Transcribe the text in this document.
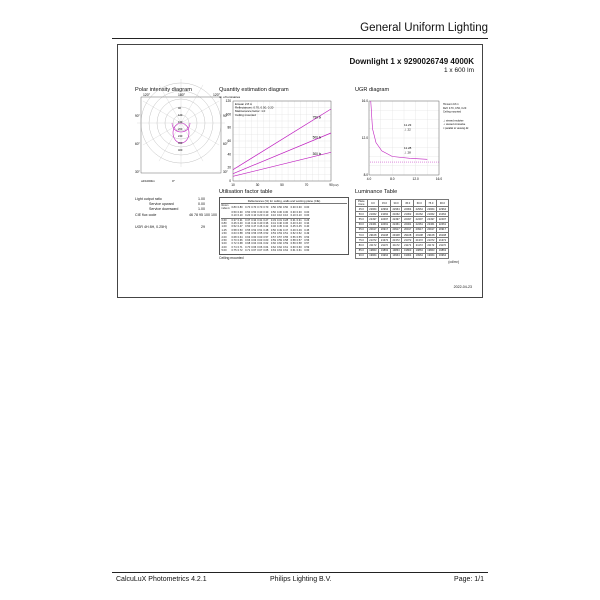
General Uniform Lighting
Downlight 1 x 9290026749 4000K
1 x 600 lm
Polar intensity diagram
120°	180°	120°
90°	90°
60°	60°
30°	30°
40
120
160
200
240
320
400
cd/1000lm	0°
Quantity estimation diagram
nr. of luminaires
120
100
80
60
40
20
0
10	30	50	70	90 (m²)
750 lx
500 lx
300 lx
Emean 2.8 m
Reflectances: 0.70, 0.50, 0.20
Maintenance factor: 1.0
Ceiling mounted
UGR diagram
16.0
12.0
8.0
4.0	8.0	12.0	16.0
11.23
⊥ 22
11.28
⊥ 28
Hmount 2.8 m
Refl: 0.70, 0.50, 0.20
Ceiling mounted
⊥ viewed endwise
⊥ viewed crosswise
× parallel to viewing dir.
Light output ratio	1.00
Service upward	0.00
Service downward	1.00
CIE flux code	46 78 95 100 100
UGR 4H 8H, 0.25H)	29
Utilisation factor table
Reflectances (%) for ceiling, walls and working plane (CIE)
Room index k	0.80	0.80	0.70	0.70	0.70	0.70	0.50	0.50	0.50	0.30	0.30	0.00
	0.50	0.30	0.50	0.50	0.30	0.30	0.50	0.30	0.30	0.30	0.30	0.00
	0.10	0.10	0.20	0.10	0.20	0.10	0.10	0.10	0.10	0.10	0.10	0.00
0.60	0.37	0.31	0.37	0.34	0.31	0.27	0.33	0.31	0.28	0.31	0.31	0.26
0.80	0.46	0.40	0.44	0.42	0.40	0.36	0.41	0.40	0.36	0.40	0.40	0.34
1.00	0.52	0.47	0.50	0.47	0.46	0.42	0.46	0.45	0.42	0.45	0.45	0.40
1.25	0.58	0.53	0.55	0.52	0.51	0.48	0.50	0.49	0.47	0.49	0.49	0.45
1.50	0.63	0.58	0.59	0.56	0.55	0.52	0.53	0.53	0.51	0.52	0.52	0.49
2.00	0.68	0.64	0.63	0.60	0.60	0.57	0.57	0.57	0.55	0.56	0.55	0.53
2.50	0.70	0.66	0.66	0.63	0.63	0.60	0.59	0.59	0.58	0.58	0.57	0.56
3.00	0.72	0.68	0.68	0.64	0.64	0.62	0.60	0.60	0.59	0.59	0.58	0.57
4.00	0.74	0.71	0.70	0.66	0.66	0.64	0.62	0.62	0.61	0.60	0.60	0.59
5.00	0.75	0.72	0.71	0.67	0.67	0.65	0.63	0.63	0.62	0.61	0.61	0.60
Ceiling mounted
Luminance Table
Plane Cone	0.0	15.0	30.0	45.0	60.0	75.0	90.0
45.0	22964	22964	22964	22964	22964	22964	22964
50.0	21062	21062	21062	21062	21062	21062	21062
55.0	22497	22497	22497	22497	22497	22497	22497
60.0	22461	22461	22461	22461	22461	22461	22461
65.0	20917	20917	20917	20917	20917	20917	20917
70.0	29108	29108	29108	29108	29108	29108	29108
75.0	21372	21372	21372	21372	21372	21372	21372
80.0	21172	21172	21172	21172	21172	21172	21172
85.0	19863	19863	19863	19863	19863	19863	19863
90.0	19964	19964	19964	19964	19964	19964	19964
(cd/m²)
2022-04-23
CalcuLuX Photometrics 4.2.1	Philips Lighting B.V.	Page: 1/1
